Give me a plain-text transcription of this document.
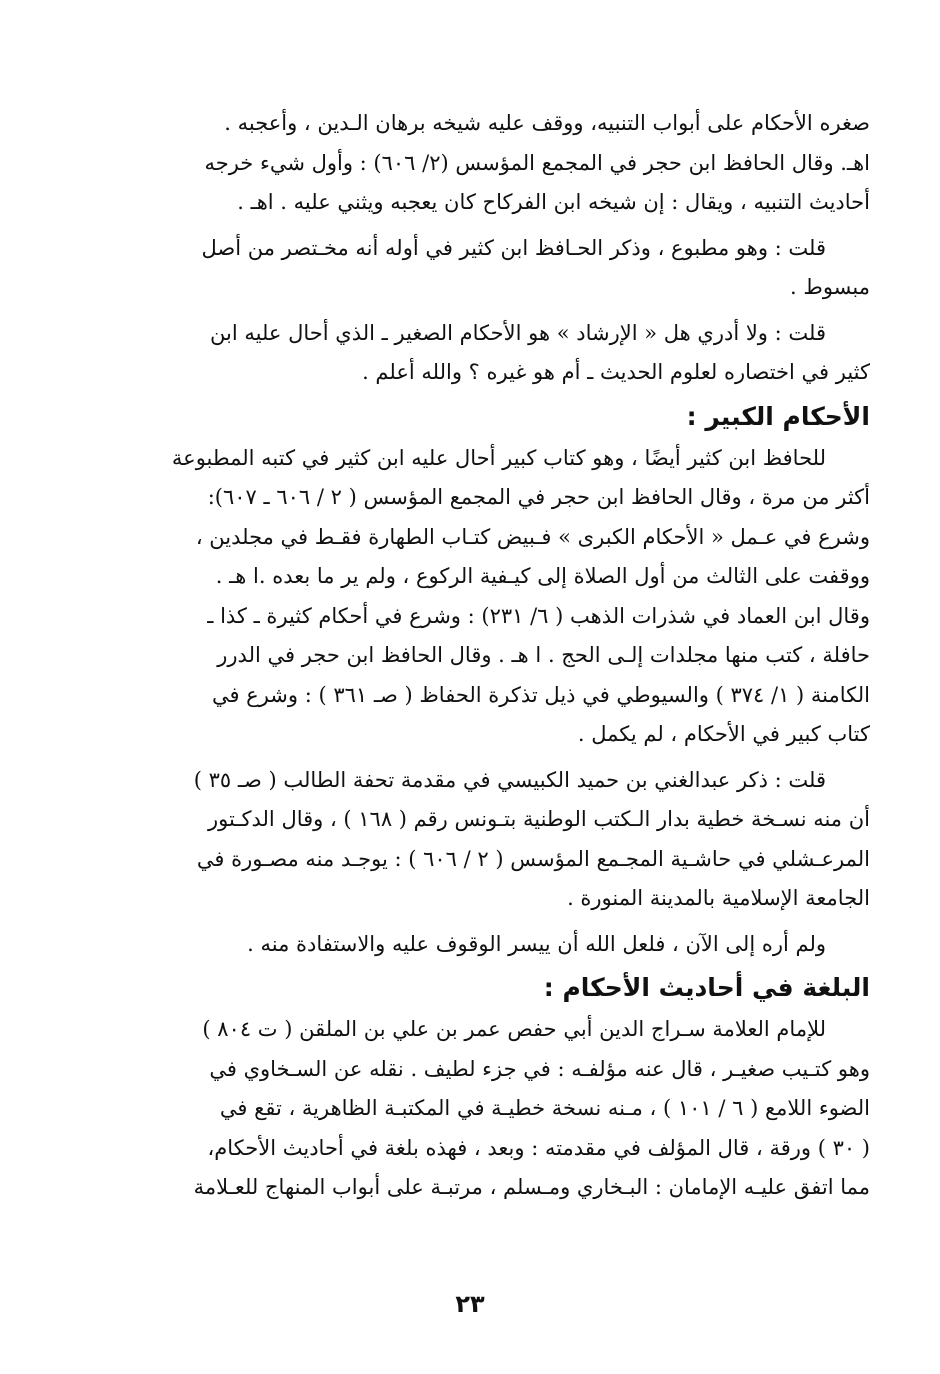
صغره الأحكام على أبواب التنبيه، ووقف عليه شيخه برهان الـدين ، وأعجبه .
اهـ. وقال الحافظ ابن حجر في المجمع المؤسس (٢/ ٦٠٦) : وأول شيء خرجه
أحاديث التنبيه ، ويقال : إن شيخه ابن الفركاح كان يعجبه ويثني عليه . اهـ .
قلت : وهو مطبوع ، وذكر الحـافظ ابن كثير في أوله أنه مخـتصر من أصل
مبسوط .
قلت : ولا أدري هل « الإرشاد » هو الأحكام الصغير ـ الذي أحال عليه ابن
كثير في اختصاره لعلوم الحديث ـ أم هو غيره ؟ والله أعلم .
الأحكام الكبير :
للحافظ ابن كثير أيضًا ، وهو كتاب كبير أحال عليه ابن كثير في كتبه المطبوعة
أكثر من مرة ، وقال الحافظ ابن حجر في المجمع المؤسس ( ٢ / ٦٠٦ ـ ٦٠٧):
وشرع في عـمل « الأحكام الكبرى » فـبيض كتـاب الطهارة فقـط في مجلدين ،
ووقفت على الثالث من أول الصلاة إلى كيـفية الركوع ، ولم ير ما بعده .ا هـ .
وقال ابن العماد في شذرات الذهب ( ٦/ ٢٣١) : وشرع في أحكام كثيرة ـ كذا ـ
حافلة ، كتب منها مجلدات إلـى الحج . ا هـ . وقال الحافظ ابن حجر في الدرر
الكامنة ( ١/ ٣٧٤ ) والسيوطي في ذيل تذكرة الحفاظ ( صـ ٣٦١ ) : وشرع في
كتاب كبير في الأحكام ، لم يكمل .
قلت : ذكر عبدالغني بن حميد الكبيسي في مقدمة تحفة الطالب ( صـ ٣٥ )
أن منه نسـخة خطية بدار الـكتب الوطنية بتـونس رقم ( ١٦٨ ) ، وقال الدكـتور
المرعـشلي في حاشـية المجـمع المؤسس ( ٢ / ٦٠٦ ) : يوجـد منه مصـورة في
الجامعة الإسلامية بالمدينة المنورة .
ولم أره إلى الآن ، فلعل الله أن ييسر الوقوف عليه والاستفادة منه .
البلغة في أحاديث الأحكام :
للإمام العلامة سـراج الدين أبي حفص عمر بن علي بن الملقن ( ت ٨٠٤ )
وهو كتـيب صغيـر ، قال عنه مؤلفـه : في جزء لطيف . نقله عن السـخاوي في
الضوء اللامع ( ٦ / ١٠١ ) ، مـنه نسخة خطيـة في المكتبـة الظاهرية ، تقع في
( ٣٠ ) ورقة ، قال المؤلف في مقدمته : وبعد ، فهذه بلغة في أحاديث الأحكام،
مما اتفق عليـه الإمامان : البـخاري ومـسلم ، مرتبـة على أبواب المنهاج للعـلامة
٢٣
